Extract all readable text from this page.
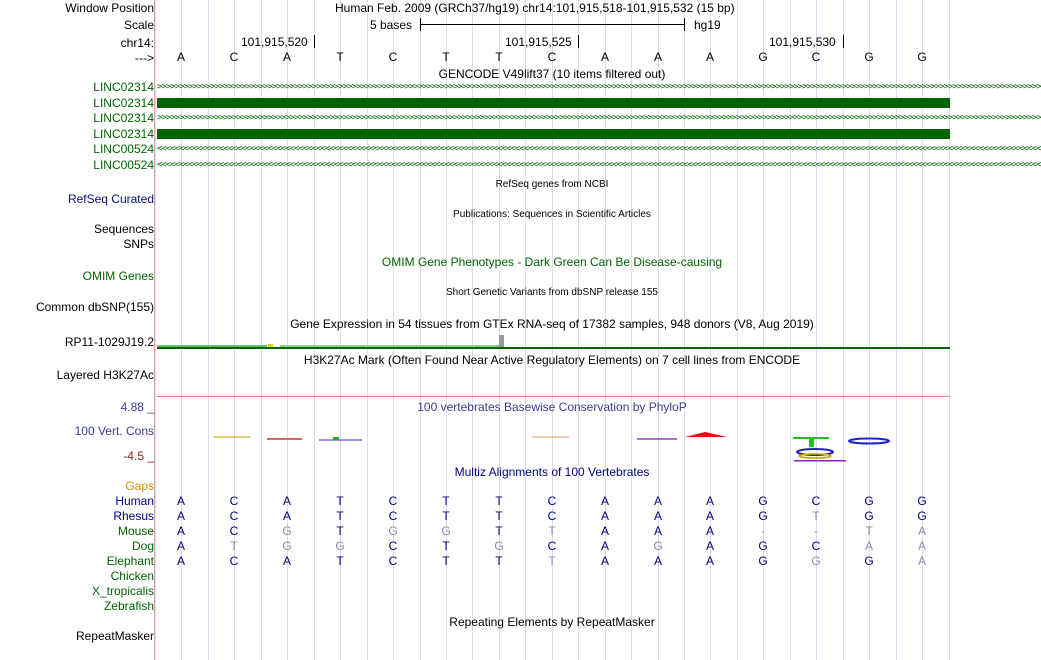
Window Position	Human Feb. 2009 (GRCh37/hg19) chr14:101,915,518-101,915,532 (15 bp)
Scale	5 bases	hg19
chr14:	101,915,520	101,915,525	101,915,530
--->	A	C	A	T	C	T	T	C	A	A	A	G	C	G	G
GENCODE V49lift37 (10 items filtered out)
LINC02314 >>>>>>>>>>>>>>>>>>>>>>>>>>>>>>>>>>>>>>>>>>>>>>>>>>>>>>>>>>>>>>>>>>>>>>>>>>>>>>>>>>>>>>>>>>>>>>>>>>>>>>>>>>>>>>>>>>>>>>>>>>>>>>>>>>>>>>>>>>>>>>>>>>>>>>>>>>>>>>>>>>>>>>>>>>>>>>>>>>>>>>>>>>>>>>>>>>>>>>>>
LINC02314
LINC02314 >>>>>>>>>>>>>>>>>>>>>>>>>>>>>>>>>>>>>>>>>>>>>>>>>>>>>>>>>>>>>>>>>>>>>>>>>>>>>>>>>>>>>>>>>>>>>>>>>>>>>>>>>>>>>>>>>>>>>>>>>>>>>>>>>>>>>>>>>>>>>>>>>>>>>>>>>>>>>>>>>>>>>>>>>>>>>>>>>>>>>>>>>>>>>>>>>>>>>>>>
LINC02314
LINC00524 <<<<<<<<<<<<<<<<<<<<<<<<<<<<<<<<<<<<<<<<<<<<<<<<<<<<<<<<<<<<<<<<<<<<<<<<<<<<<<<<<<<<<<<<<<<<<<<<<<<<<<<<<<<<<<<<<<<<<<<<<<<<<<<<<<<<<<<<<<<<<<<<<<<<<<<<<<<<<<<<<<<<<<<<<<<<<<<<<<<<<<<<<<<<<<<<<<<<<<<<
LINC00524 <<<<<<<<<<<<<<<<<<<<<<<<<<<<<<<<<<<<<<<<<<<<<<<<<<<<<<<<<<<<<<<<<<<<<<<<<<<<<<<<<<<<<<<<<<<<<<<<<<<<<<<<<<<<<<<<<<<<<<<<<<<<<<<<<<<<<<<<<<<<<<<<<<<<<<<<<<<<<<<<<<<<<<<<<<<<<<<<<<<<<<<<<<<<<<<<<<<<<<<<
RefSeq genes from NCBI
RefSeq Curated
Publications: Sequences in Scientific Articles
Sequences
SNPs
OMIM Gene Phenotypes - Dark Green Can Be Disease-causing
OMIM Genes
Short Genetic Variants from dbSNP release 155
Common dbSNP(155)
Gene Expression in 54 tissues from GTEx RNA-seq of 17382 samples, 948 donors (V8, Aug 2019)
RP11-1029J19.2
H3K27Ac Mark (Often Found Near Active Regulatory Elements) on 7 cell lines from ENCODE
Layered H3K27Ac
100 vertebrates Basewise Conservation by PhyloP
4.88 _
100 Vert. Cons
-4.5 _
Multiz Alignments of 100 Vertebrates
Gaps
Human	A	C	A	T	C	T	T	C	A	A	A	G	C	G	G
Rhesus	A	C	A	T	C	T	T	C	A	A	A	G	T	G	G
Mouse	A	C	G	T	G	G	T	T	A	A	A	-	-	T	A
Dog	A	T	G	G	C	T	G	C	A	G	A	G	C	A	A
Elephant	A	C	A	T	C	T	T	T	A	A	A	G	G	G	A
Chicken
X_tropicalis
Zebrafish
Repeating Elements by RepeatMasker
RepeatMasker
